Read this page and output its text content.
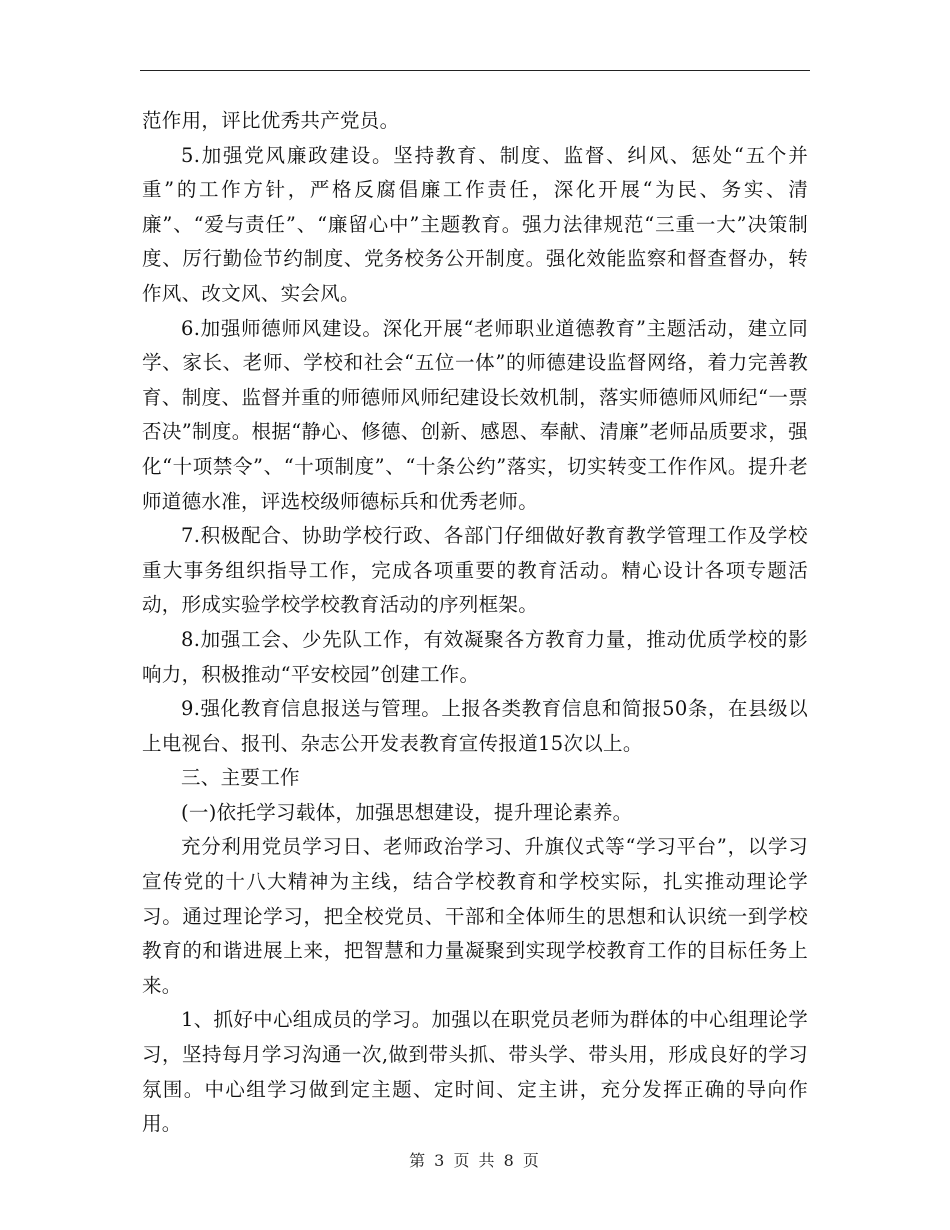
范作用，评比优秀共产党员。

5.加强党风廉政建设。坚持教育、制度、监督、纠风、惩处“五个并重”的工作方针，严格反腐倡廉工作责任，深化开展“为民、务实、清廉”、“爱与责任”、“廉留心中”主题教育。强力法律规范“三重一大”决策制度、厉行勤俭节约制度、党务校务公开制度。强化效能监察和督查督办，转作风、改文风、实会风。

6.加强师德师风建设。深化开展“老师职业道德教育”主题活动，建立同学、家长、老师、学校和社会“五位一体”的师德建设监督网络，着力完善教育、制度、监督并重的师德师风师纪建设长效机制，落实师德师风师纪“一票否决”制度。根据“静心、修德、创新、感恩、奉献、清廉”老师品质要求，强化“十项禁令”、“十项制度”、“十条公约”落实，切实转变工作作风。提升老师道德水准，评选校级师德标兵和优秀老师。

7.积极配合、协助学校行政、各部门仔细做好教育教学管理工作及学校重大事务组织指导工作，完成各项重要的教育活动。精心设计各项专题活动，形成实验学校学校教育活动的序列框架。

8.加强工会、少先队工作，有效凝聚各方教育力量，推动优质学校的影响力，积极推动“平安校园”创建工作。

9.强化教育信息报送与管理。上报各类教育信息和简报50条，在县级以上电视台、报刊、杂志公开发表教育宣传报道15次以上。

三、主要工作

(一)依托学习载体，加强思想建设，提升理论素养。

充分利用党员学习日、老师政治学习、升旗仪式等“学习平台”，以学习宣传党的十八大精神为主线，结合学校教育和学校实际，扎实推动理论学习。通过理论学习，把全校党员、干部和全体师生的思想和认识统一到学校教育的和谐进展上来，把智慧和力量凝聚到实现学校教育工作的目标任务上来。

1、抓好中心组成员的学习。加强以在职党员老师为群体的中心组理论学习，坚持每月学习沟通一次,做到带头抓、带头学、带头用，形成良好的学习氛围。中心组学习做到定主题、定时间、定主讲，充分发挥正确的导向作用。

第 3 页 共 8 页
